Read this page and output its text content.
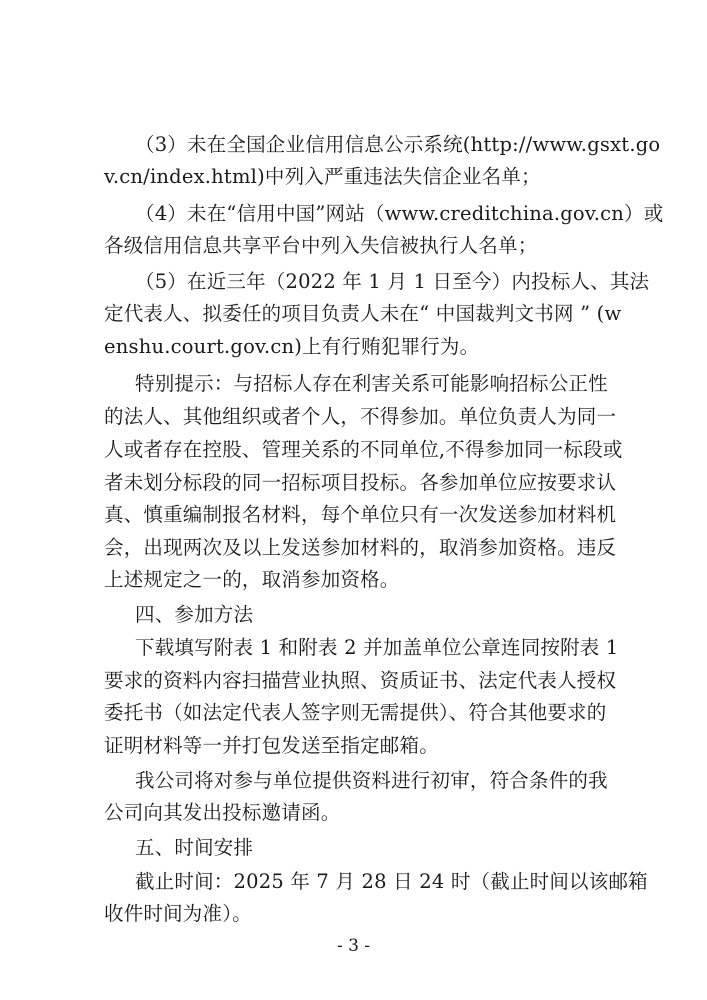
- 3 -
（3）未在全国企业信用信息公示系统(http://www.gsxt.go
v.cn/index.html)中列入严重违法失信企业名单；
（4）未在“信用中国”网站（www.creditchina.gov.cn）或
各级信用信息共享平台中列入失信被执行人名单；
（5）在近三年（2022 年 1 月 1 日至今）内投标人、其法
定代表人、拟委任的项目负责人未在“ 中国裁判文书网 ” (w
enshu.court.gov.cn)上有行贿犯罪行为。
特别提示：与招标人存在利害关系可能影响招标公正性
的法人、其他组织或者个人，不得参加。单位负责人为同一
人或者存在控股、管理关系的不同单位,不得参加同一标段或
者未划分标段的同一招标项目投标。各参加单位应按要求认
真、慎重编制报名材料，每个单位只有一次发送参加材料机
会，出现两次及以上发送参加材料的，取消参加资格。违反
上述规定之一的，取消参加资格。
四、参加方法
下载填写附表 1 和附表 2 并加盖单位公章连同按附表 1
要求的资料内容扫描营业执照、资质证书、法定代表人授权
委托书（如法定代表人签字则无需提供）、符合其他要求的
证明材料等一并打包发送至指定邮箱。
我公司将对参与单位提供资料进行初审，符合条件的我
公司向其发出投标邀请函。
五、时间安排
截止时间：2025 年 7 月 28 日 24 时（截止时间以该邮箱
收件时间为准）。
